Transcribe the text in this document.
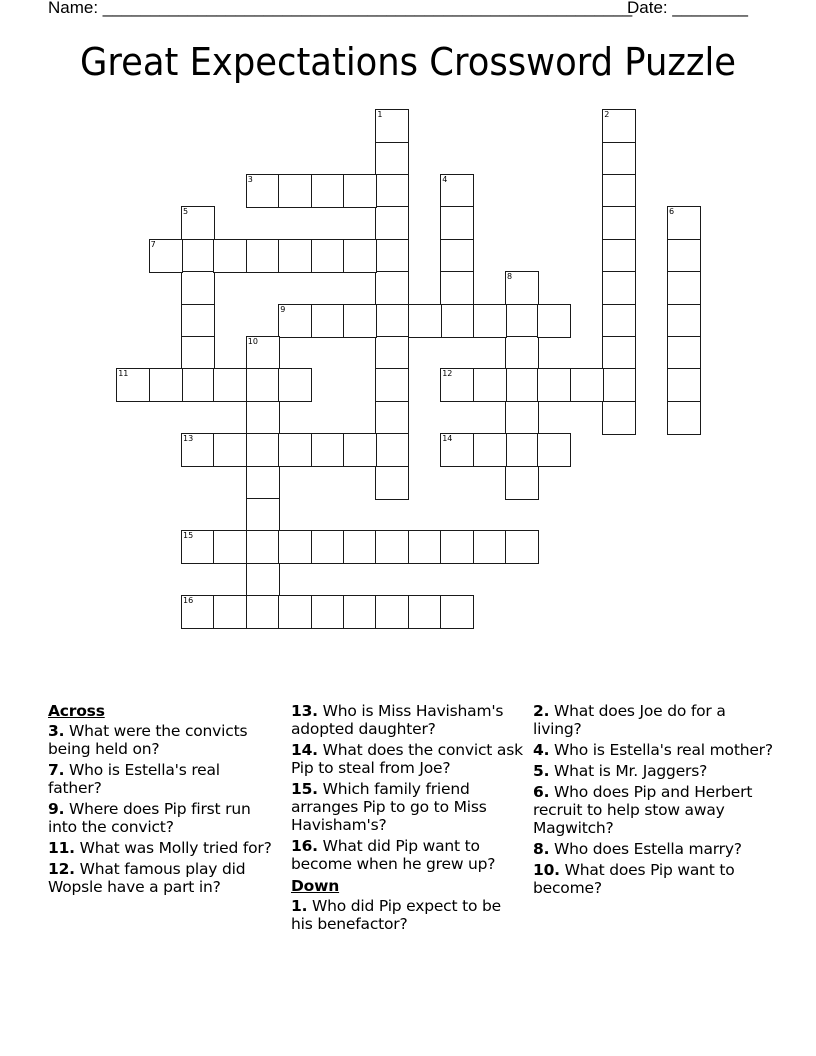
Name: ________________________________________________________
Date: ________
Great Expectations Crossword Puzzle
1	2
3	4
5	6
7
8
9
10
11	12
13	14
15
16
Across
3. What were the convicts being held on?
7. Who is Estella's real father?
9. Where does Pip first run into the convict?
11. What was Molly tried for?
12. What famous play did Wopsle have a part in?
13. Who is Miss Havisham's adopted daughter?
14. What does the convict ask Pip to steal from Joe?
15. Which family friend arranges Pip to go to Miss Havisham's?
16. What did Pip want to become when he grew up?
Down
1. Who did Pip expect to be his benefactor?
2. What does Joe do for a living?
4. Who is Estella's real mother?
5. What is Mr. Jaggers?
6. Who does Pip and Herbert recruit to help stow away Magwitch?
8. Who does Estella marry?
10. What does Pip want to become?
